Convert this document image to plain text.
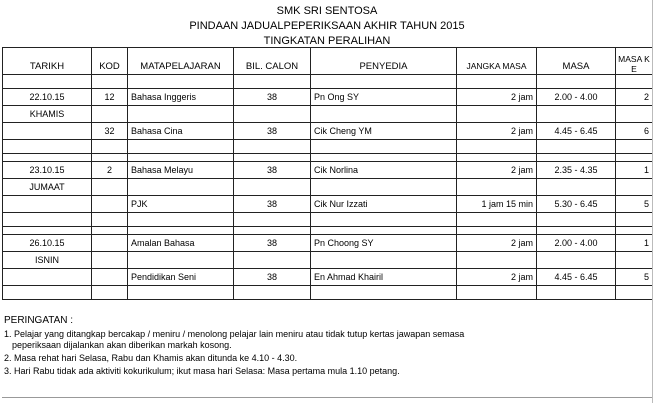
SMK SRI SENTOSA
PINDAAN JADUALPEPERIKSAAN AKHIR TAHUN 2015
TINGKATAN PERALIHAN
TARIKH	KOD	MATAPELAJARAN	BIL. CALON	PENYEDIA	JANGKA MASA	MASA	MASA K
E

22.10.15	12	Bahasa Inggeris	38	Pn Ong SY	2 jam	2.00 - 4.00	2
KHAMIS							
	32	Bahasa Cina	38	Cik Cheng YM	2 jam	4.45 - 6.45	6

23.10.15	2	Bahasa Melayu	38	Cik Norlina	2 jam	2.35 - 4.35	1
JUMAAT							
		PJK	38	Cik Nur Izzati	1 jam 15 min	5.30 - 6.45	5

26.10.15		Amalan Bahasa	38	Pn Choong SY	2 jam	2.00 - 4.00	1
ISNIN							
		Pendidikan Seni	38	En Ahmad Khairil	2 jam	4.45 - 6.45	5

PERINGATAN :
1. Pelajar yang ditangkap bercakap / meniru / menolong pelajar lain meniru atau tidak tutup kertas jawapan semasa
peperiksaan dijalankan akan diberikan markah kosong.
2. Masa rehat hari Selasa, Rabu dan Khamis akan ditunda ke 4.10 - 4.30.
3. Hari Rabu tidak ada aktiviti kokurikulum; ikut masa hari Selasa: Masa pertama mula 1.10 petang.
